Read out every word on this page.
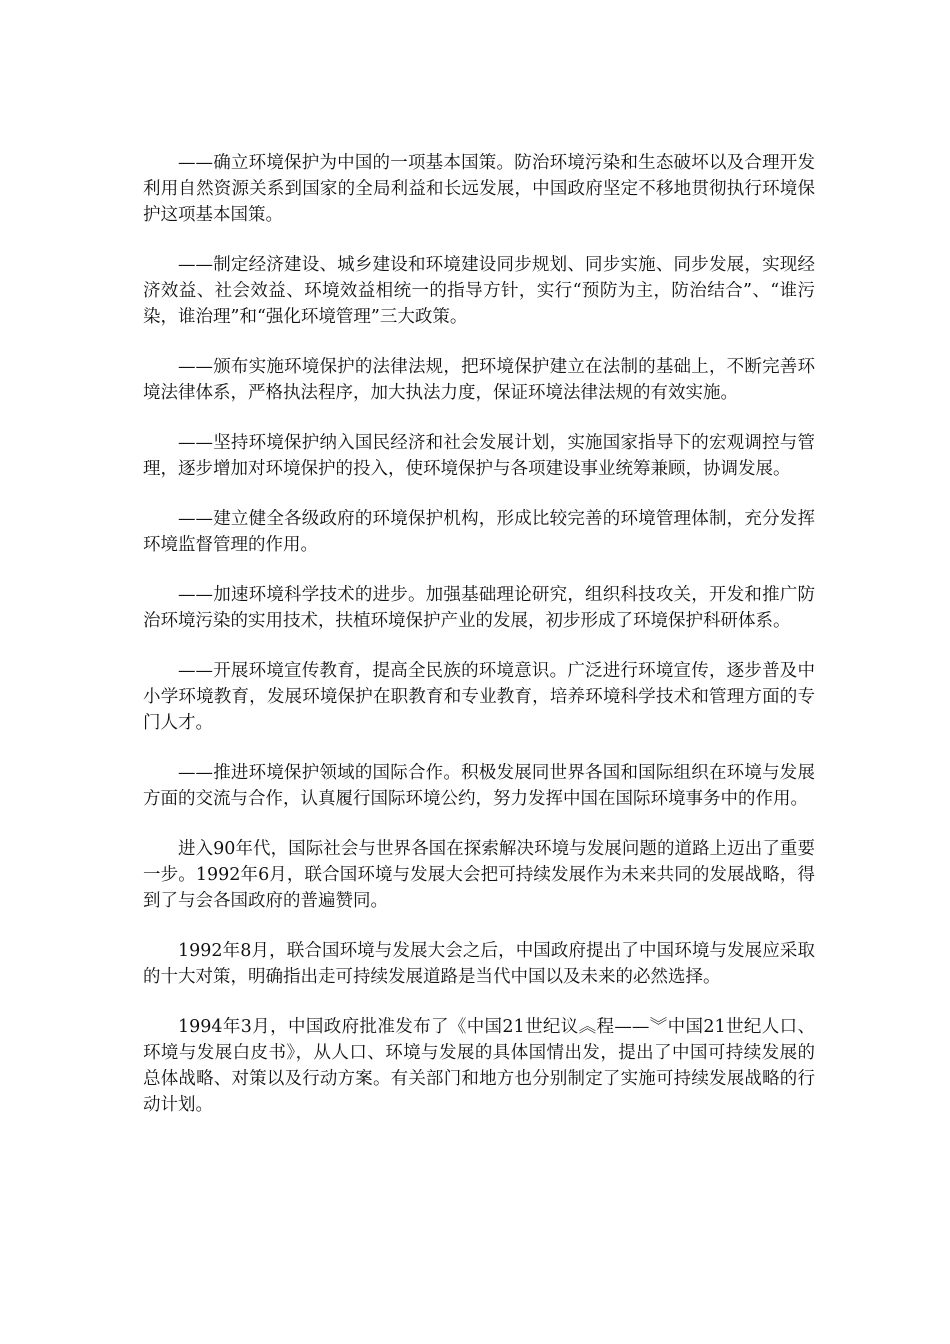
——确立环境保护为中国的一项基本国策。防治环境污染和生态破坏以及合理开发利用自然资源关系到国家的全局利益和长远发展，中国政府坚定不移地贯彻执行环境保护这项基本国策。

——制定经济建设、城乡建设和环境建设同步规划、同步实施、同步发展，实现经济效益、社会效益、环境效益相统一的指导方针，实行“预防为主，防治结合”、“谁污染，谁治理”和“强化环境管理”三大政策。

——颁布实施环境保护的法律法规，把环境保护建立在法制的基础上，不断完善环境法律体系，严格执法程序，加大执法力度，保证环境法律法规的有效实施。

——坚持环境保护纳入国民经济和社会发展计划，实施国家指导下的宏观调控与管理，逐步增加对环境保护的投入，使环境保护与各项建设事业统筹兼顾，协调发展。

——建立健全各级政府的环境保护机构，形成比较完善的环境管理体制，充分发挥环境监督管理的作用。

——加速环境科学技术的进步。加强基础理论研究，组织科技攻关，开发和推广防治环境污染的实用技术，扶植环境保护产业的发展，初步形成了环境保护科研体系。

——开展环境宣传教育，提高全民族的环境意识。广泛进行环境宣传，逐步普及中小学环境教育，发展环境保护在职教育和专业教育，培养环境科学技术和管理方面的专门人才。

——推进环境保护领域的国际合作。积极发展同世界各国和国际组织在环境与发展方面的交流与合作，认真履行国际环境公约，努力发挥中国在国际环境事务中的作用。

进入90年代，国际社会与世界各国在探索解决环境与发展问题的道路上迈出了重要一步。1992年6月，联合国环境与发展大会把可持续发展作为未来共同的发展战略，得到了与会各国政府的普遍赞同。

1992年8月，联合国环境与发展大会之后，中国政府提出了中国环境与发展应采取的十大对策，明确指出走可持续发展道路是当代中国以及未来的必然选择。

1994年3月，中国政府批准发布了《中国21世纪议︽程——︾中国21世纪人口、环境与发展白皮书》，从人口、环境与发展的具体国情出发，提出了中国可持续发展的总体战略、对策以及行动方案。有关部门和地方也分别制定了实施可持续发展战略的行动计划。
